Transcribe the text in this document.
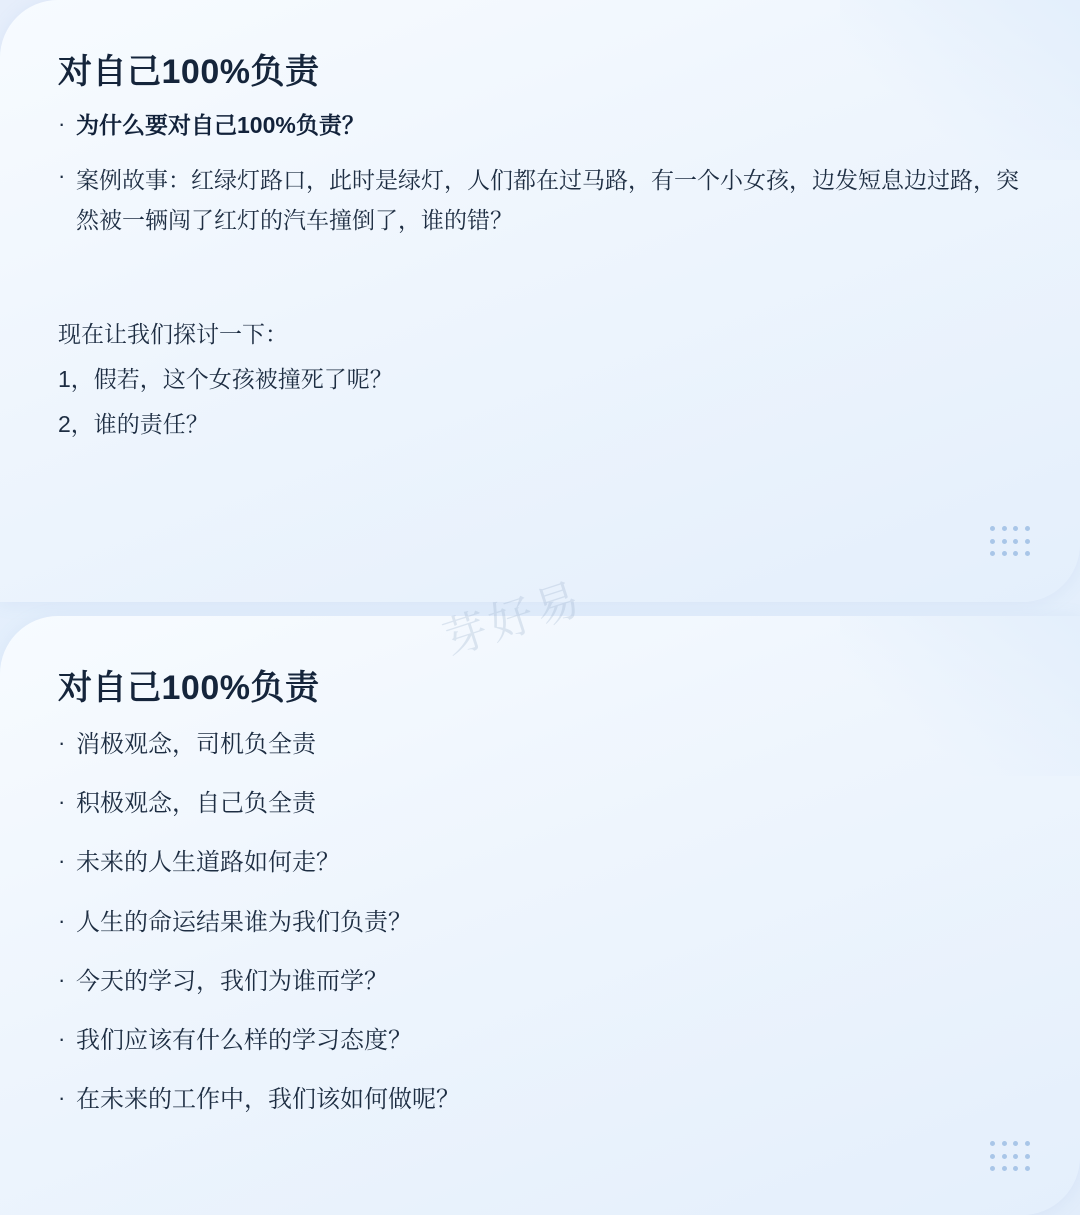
对自己100%负责
· 为什么要对自己100%负责？
· 案例故事：红绿灯路口，此时是绿灯，人们都在过马路，有一个小女孩，边发短息边过路，突然被一辆闯了红灯的汽车撞倒了，谁的错？
现在让我们探讨一下：
1，假若，这个女孩被撞死了呢？
2，谁的责任？
对自己100%负责
· 消极观念，司机负全责
· 积极观念，自己负全责
· 未来的人生道路如何走？
· 人生的命运结果谁为我们负责？
· 今天的学习，我们为谁而学？
· 我们应该有什么样的学习态度？
· 在未来的工作中，我们该如何做呢？
芽好易
